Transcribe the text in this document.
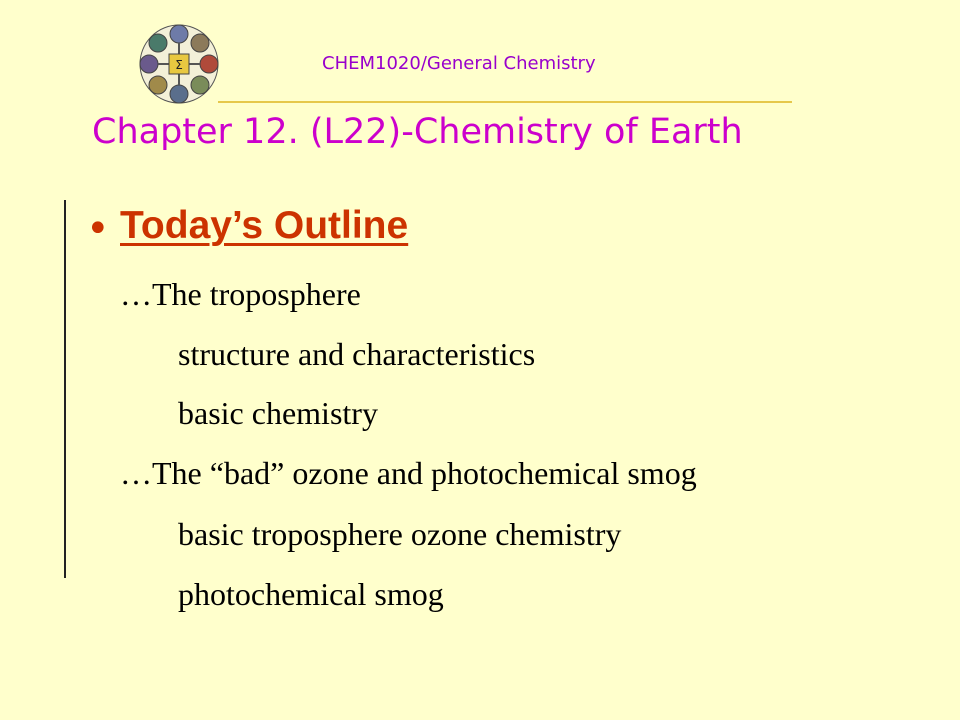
Σ	CHEM1020/General Chemistry
Chapter 12. (L22)-Chemistry of Earth
• Today’s Outline
…The troposphere
structure and characteristics
basic chemistry
…The “bad” ozone and photochemical smog
basic troposphere ozone chemistry
photochemical smog
